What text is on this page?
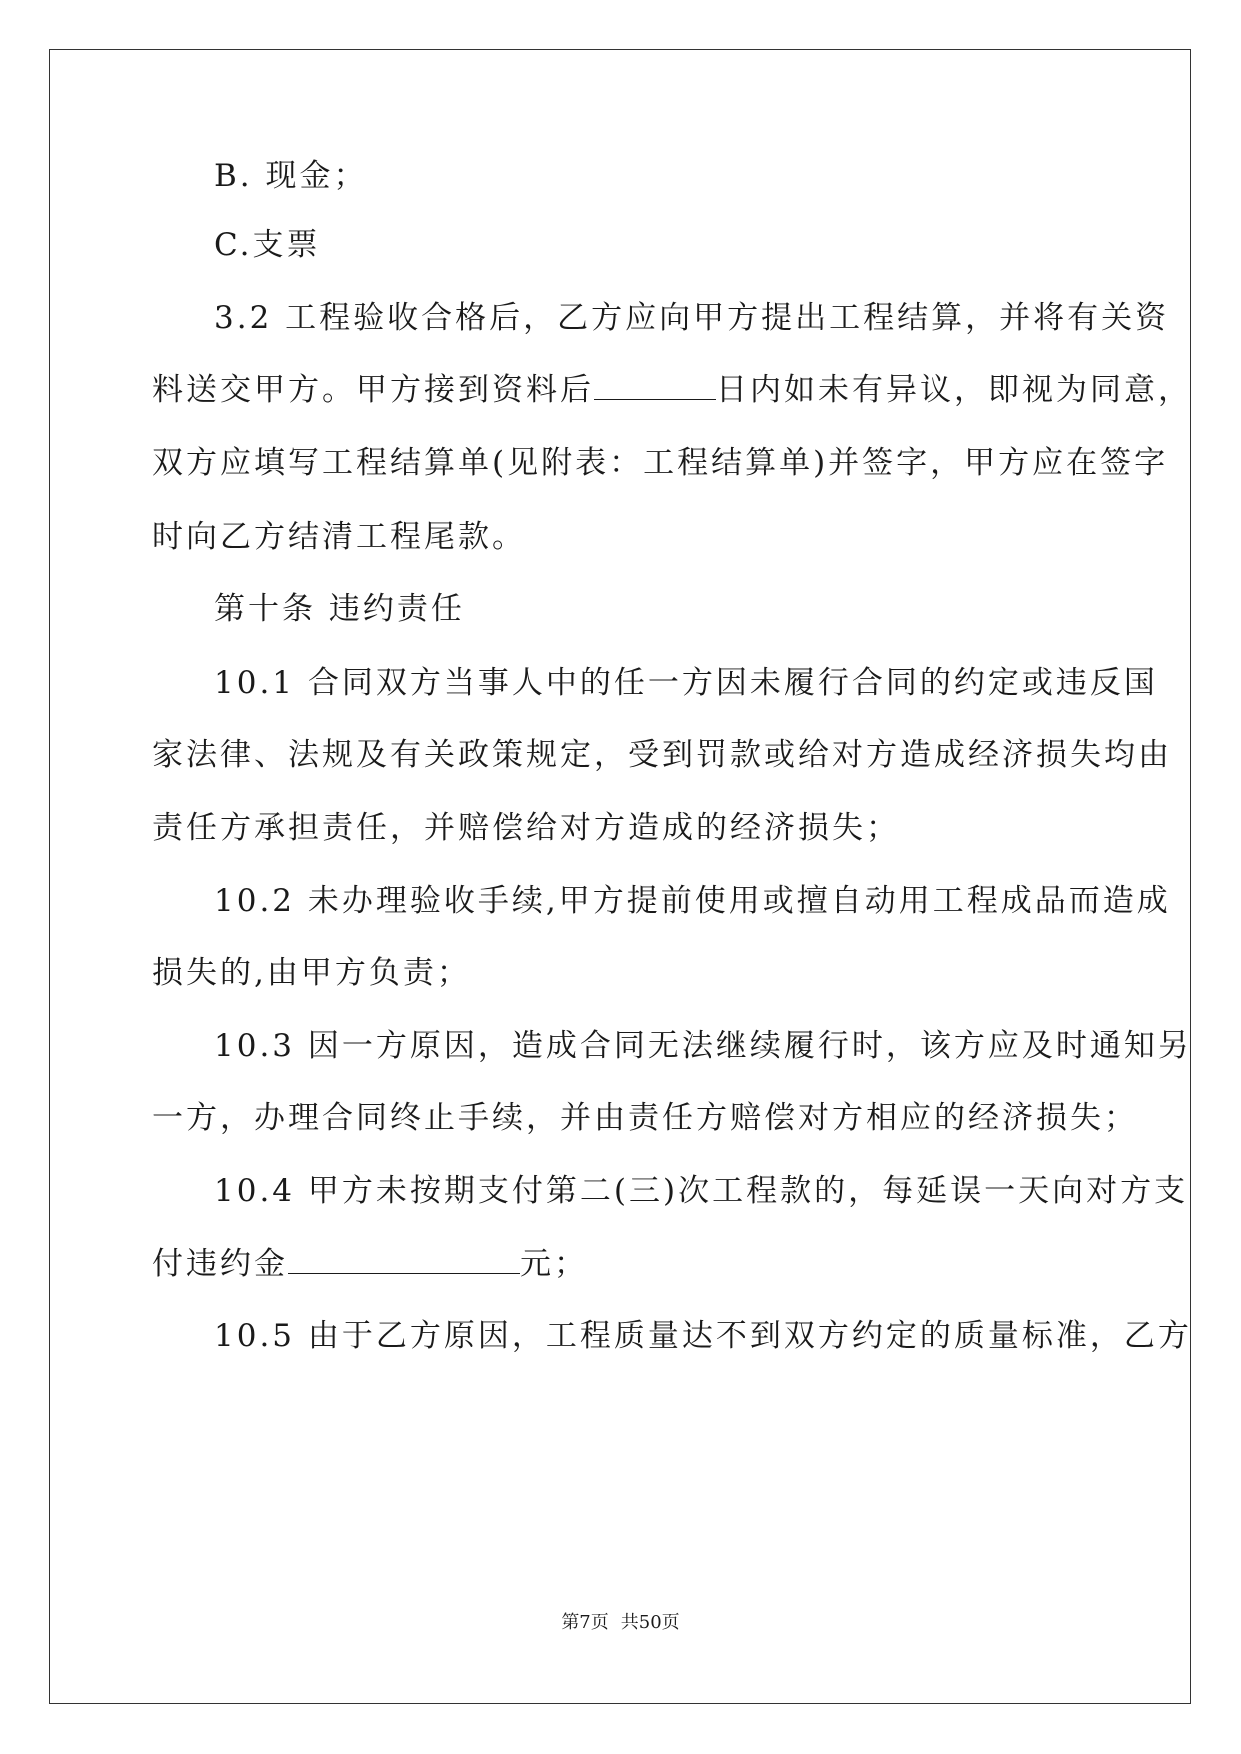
B. 现金；
C.支票
3.2 工程验收合格后，乙方应向甲方提出工程结算，并将有关资
料送交甲方。甲方接到资料后	日内如未有异议，即视为同意，
双方应填写工程结算单(见附表：工程结算单)并签字，甲方应在签字
时向乙方结清工程尾款。
第十条 违约责任
10.1 合同双方当事人中的任一方因未履行合同的约定或违反国
家法律、法规及有关政策规定，受到罚款或给对方造成经济损失均由
责任方承担责任，并赔偿给对方造成的经济损失；
10.2 未办理验收手续,甲方提前使用或擅自动用工程成品而造成
损失的,由甲方负责；
10.3 因一方原因，造成合同无法继续履行时，该方应及时通知另
一方，办理合同终止手续，并由责任方赔偿对方相应的经济损失；
10.4 甲方未按期支付第二(三)次工程款的，每延误一天向对方支
付违约金	元；
10.5 由于乙方原因，工程质量达不到双方约定的质量标准，乙方
第7页 共50页
